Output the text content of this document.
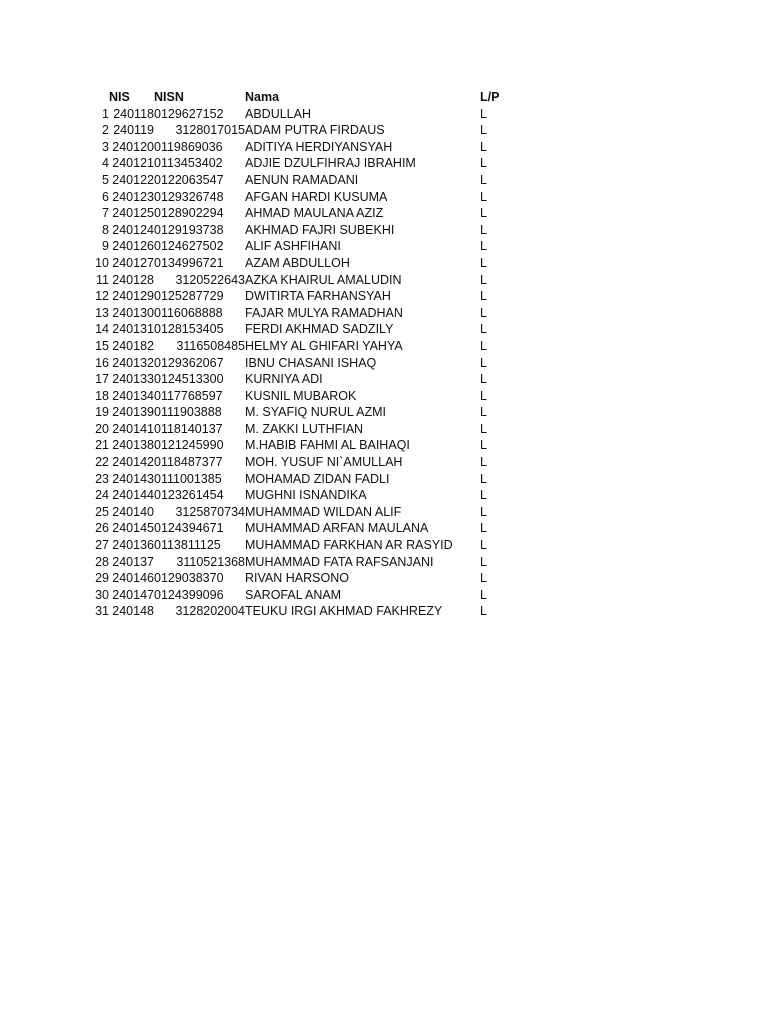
	NIS	NISN	Nama	L/P
1	240118	0129627152	ABDULLAH	L
2	240119	3128017015	ADAM PUTRA FIRDAUS	L
3	240120	0119869036	ADITIYA HERDIYANSYAH	L
4	240121	0113453402	ADJIE DZULFIHRAJ IBRAHIM	L
5	240122	0122063547	AENUN RAMADANI	L
6	240123	0129326748	AFGAN HARDI KUSUMA	L
7	240125	0128902294	AHMAD MAULANA AZIZ	L
8	240124	0129193738	AKHMAD FAJRI SUBEKHI	L
9	240126	0124627502	ALIF ASHFIHANI	L
10	240127	0134996721	AZAM ABDULLOH	L
11	240128	3120522643	AZKA KHAIRUL AMALUDIN	L
12	240129	0125287729	DWITIRTA FARHANSYAH	L
13	240130	0116068888	FAJAR MULYA RAMADHAN	L
14	240131	0128153405	FERDI AKHMAD SADZILY	L
15	240182	3116508485	HELMY AL GHIFARI YAHYA	L
16	240132	0129362067	IBNU CHASANI ISHAQ	L
17	240133	0124513300	KURNIYA ADI	L
18	240134	0117768597	KUSNIL MUBAROK	L
19	240139	0111903888	M. SYAFIQ NURUL AZMI	L
20	240141	0118140137	M. ZAKKI LUTHFIAN	L
21	240138	0121245990	M.HABIB FAHMI AL BAIHAQI	L
22	240142	0118487377	MOH. YUSUF NI`AMULLAH	L
23	240143	0111001385	MOHAMAD ZIDAN FADLI	L
24	240144	0123261454	MUGHNI ISNANDIKA	L
25	240140	3125870734	MUHAMMAD WILDAN ALIF	L
26	240145	0124394671	MUHAMMAD ARFAN MAULANA	L
27	240136	0113811125	MUHAMMAD FARKHAN AR RASYID	L
28	240137	3110521368	MUHAMMAD FATA RAFSANJANI	L
29	240146	0129038370	RIVAN HARSONO	L
30	240147	0124399096	SAROFAL ANAM	L
31	240148	3128202004	TEUKU IRGI AKHMAD FAKHREZY	L
